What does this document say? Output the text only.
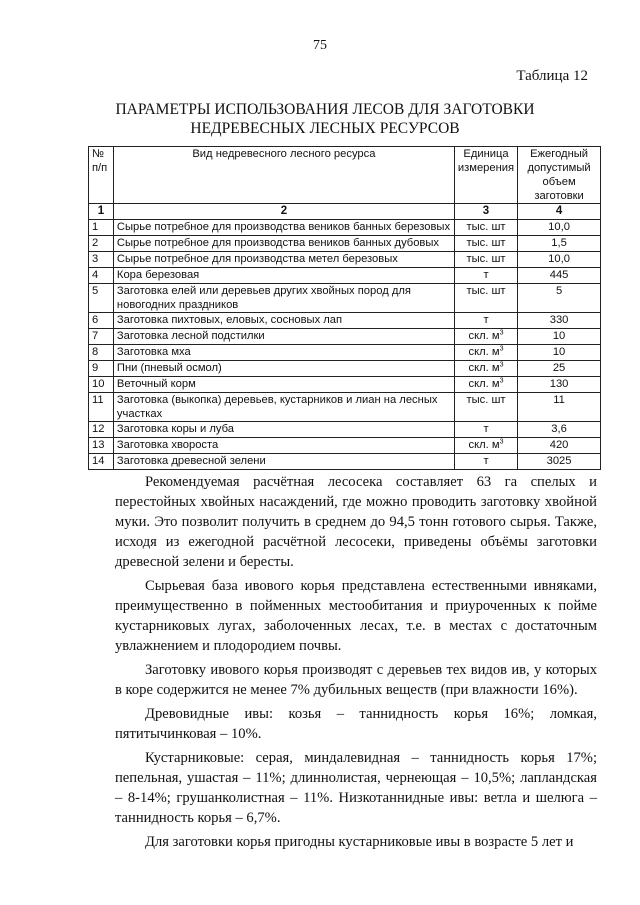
75
Таблица 12
ПАРАМЕТРЫ ИСПОЛЬЗОВАНИЯ ЛЕСОВ ДЛЯ ЗАГОТОВКИ НЕДРЕВЕСНЫХ ЛЕСНЫХ РЕСУРСОВ
№ п/п	Вид недревесного лесного ресурса	Единица измерения	Ежегодный допустимый объем заготовки
1	2	3	4
1	Сырье потребное для производства веников банных березовых	тыс. шт	10,0
2	Сырье потребное для производства веников банных дубовых	тыс. шт	1,5
3	Сырье потребное для производства метел березовых	тыс. шт	10,0
4	Кора березовая	т	445
5	Заготовка елей или деревьев других хвойных пород для новогодних праздников	тыс. шт	5
6	Заготовка пихтовых, еловых, сосновых лап	т	330
7	Заготовка лесной подстилки	скл. $м^3$	10
8	Заготовка мха	скл. $м^3$	10
9	Пни (пневый осмол)	скл. $м^3$	25
10	Веточный корм	скл. $м^3$	130
11	Заготовка (выкопка) деревьев, кустарников и лиан на лесных участках	тыс. шт	11
12	Заготовка коры и луба	т	3,6
13	Заготовка хвороста	скл. $м^3$	420
14	Заготовка древесной зелени	т	3025

Рекомендуемая расчётная лесосека составляет 63 га спелых и перестойных хвойных насаждений, где можно проводить заготовку хвойной муки. Это позволит получить в среднем до 94,5 тонн готового сырья. Также, исходя из ежегодной расчётной лесосеки, приведены объёмы заготовки древесной зелени и бересты.

Сырьевая база ивового корья представлена естественными ивняками, преимущественно в пойменных местообитания и приуроченных к пойме кустарниковых лугах, заболоченных лесах, т.е. в местах с достаточным увлажнением и плодородием почвы.

Заготовку ивового корья производят с деревьев тех видов ив, у которых в коре содержится не менее 7% дубильных веществ (при влажности 16%).

Древовидные ивы: козья – таннидность корья 16%; ломкая, пятитычинковая – 10%.

Кустарниковые: серая, миндалевидная – таннидность корья 17%; пепельная, ушастая – 11%; длиннолистая, чернеющая – 10,5%; лапландская – 8-14%; грушанколистная – 11%. Низкотаннидные ивы: ветла и шелюга – таннидность корья – 6,7%.

Для заготовки корья пригодны кустарниковые ивы в возрасте 5 лет и
